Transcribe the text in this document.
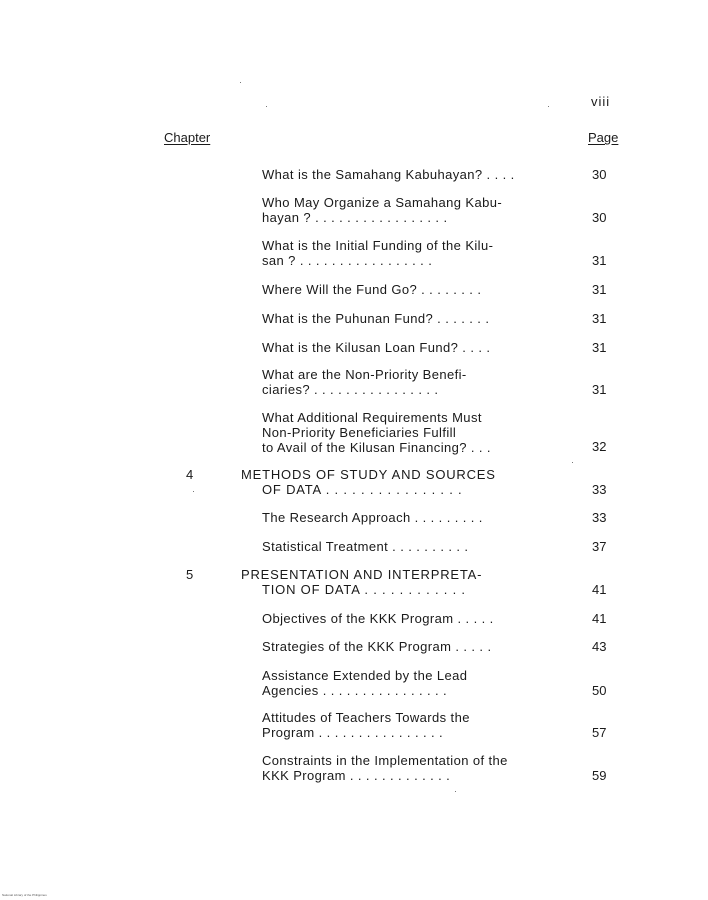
viii
Chapter	Page
What is the Samahang Kabuhayan? . . . .	30
Who May Organize a Samahang Kabu-
hayan ? . . . . . . . . . . . . . . . . .	30
What is the Initial Funding of the Kilu-
san ? . . . . . . . . . . . . . . . . .	31
Where Will the Fund Go? . . . . . . . .	31
What is the Puhunan Fund? . . . . . . .	31
What is the Kilusan Loan Fund? . . . .	31
What are the Non-Priority Benefi-
ciaries? . . . . . . . . . . . . . . . .	31
What Additional Requirements Must
Non-Priority Beneficiaries Fulfill
to Avail of the Kilusan Financing? . . .	32
4	METHODS OF STUDY AND SOURCES
OF DATA . . . . . . . . . . . . . . . .	33
The Research Approach . . . . . . . . .	33
Statistical Treatment . . . . . . . . . .	37
5	PRESENTATION AND INTERPRETA-
TION OF DATA . . . . . . . . . . . .	41
Objectives of the KKK Program . . . . .	41
Strategies of the KKK Program . . . . .	43
Assistance Extended by the Lead
Agencies . . . . . . . . . . . . . . . .	50
Attitudes of Teachers Towards the
Program . . . . . . . . . . . . . . . .	57
Constraints in the Implementation of the
KKK Program . . . . . . . . . . . . .	59
National Library of the Philippines
